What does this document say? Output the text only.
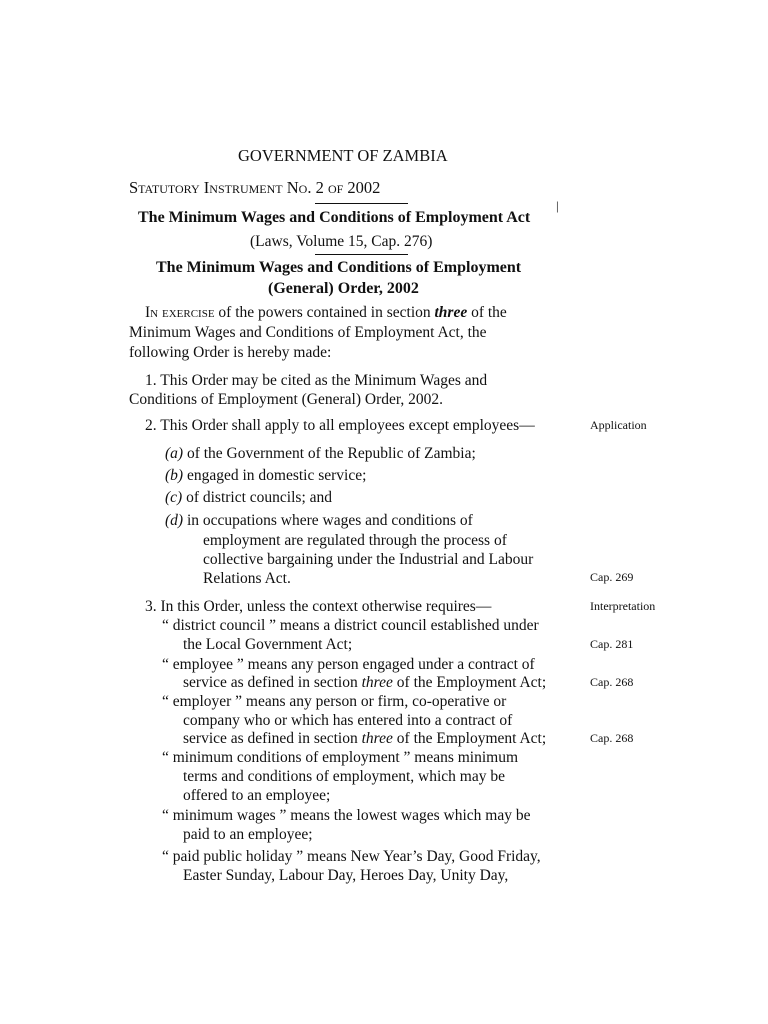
GOVERNMENT OF ZAMBIA
Statutory Instrument No. 2 of 2002
|
The Minimum Wages and Conditions of Employment Act
(Laws, Volume 15, Cap. 276)
The Minimum Wages and Conditions of Employment
(General) Order, 2002
In exercise of the powers contained in section three of the
Minimum Wages and Conditions of Employment Act, the
following Order is hereby made:
1. This Order may be cited as the Minimum Wages and
Conditions of Employment (General) Order, 2002.
2. This Order shall apply to all employees except employees—	Application
(a) of the Government of the Republic of Zambia;
(b) engaged in domestic service;
(c) of district councils; and
(d) in occupations where wages and conditions of
employment are regulated through the process of
collective bargaining under the Industrial and Labour
Relations Act.	Cap. 269
3. In this Order, unless the context otherwise requires—	Interpretation
“ district council ” means a district council established under
the Local Government Act;	Cap. 281
“ employee ” means any person engaged under a contract of
service as defined in section three of the Employment Act;	Cap. 268
“ employer ” means any person or firm, co-operative or
company who or which has entered into a contract of
service as defined in section three of the Employment Act;	Cap. 268
“ minimum conditions of employment ” means minimum
terms and conditions of employment, which may be
offered to an employee;
“ minimum wages ” means the lowest wages which may be
paid to an employee;
“ paid public holiday ” means New Year’s Day, Good Friday,
Easter Sunday, Labour Day, Heroes Day, Unity Day,
